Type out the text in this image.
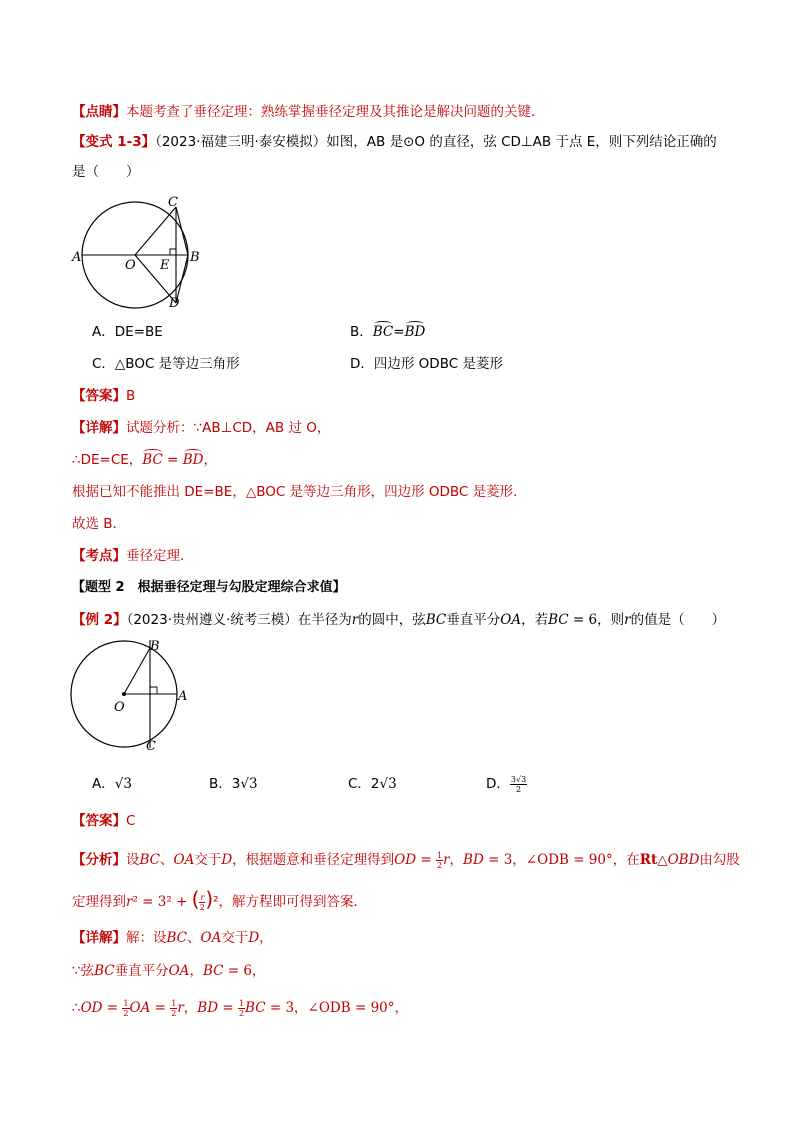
【点睛】本题考查了垂径定理：熟练掌握垂径定理及其推论是解决问题的关键．
【变式 1-3】（2023·福建三明·泰安模拟）如图，AB 是⊙O 的直径，弦 CD⊥AB 于点 E，则下列结论正确的
是（　　）
A
O E
B
C
D
A．DE=BE	B．BC=BD
C．△BOC 是等边三角形	D．四边形 ODBC 是菱形
【答案】B
【详解】试题分析：∵AB⊥CD，AB 过 O，
∴DE=CE，BC = BD，
根据已知不能推出 DE=BE，△BOC 是等边三角形，四边形 ODBC 是菱形．
故选 B．
【考点】垂径定理．
【题型 2　根据垂径定理与勾股定理综合求值】
【例 2】（2023·贵州遵义·统考三模）在半径为r的圆中，弦BC垂直平分OA，若BC = 6，则r的值是（　　）
O
A
B
C
A．√3	B．3√3	C．2√3	D． $\frac{3√3}{2}$
【答案】C
【分析】设BC、OA交于D，根据题意和垂径定理得到OD = $\frac{1}{2}$ r，BD = 3，∠ODB = 90°，在Rt△OBD由勾股
定理得到r² = 3² + ( $\frac{r}{2} )^2$，解方程即可得到答案．
【详解】解：设BC、OA交于D，
∵弦BC垂直平分OA，BC = 6，
∴OD = $\frac{1}{2}$ OA = $\frac{1}{2}$ r，BD = $\frac{1}{2}$ BC = 3，∠ODB = 90°，
